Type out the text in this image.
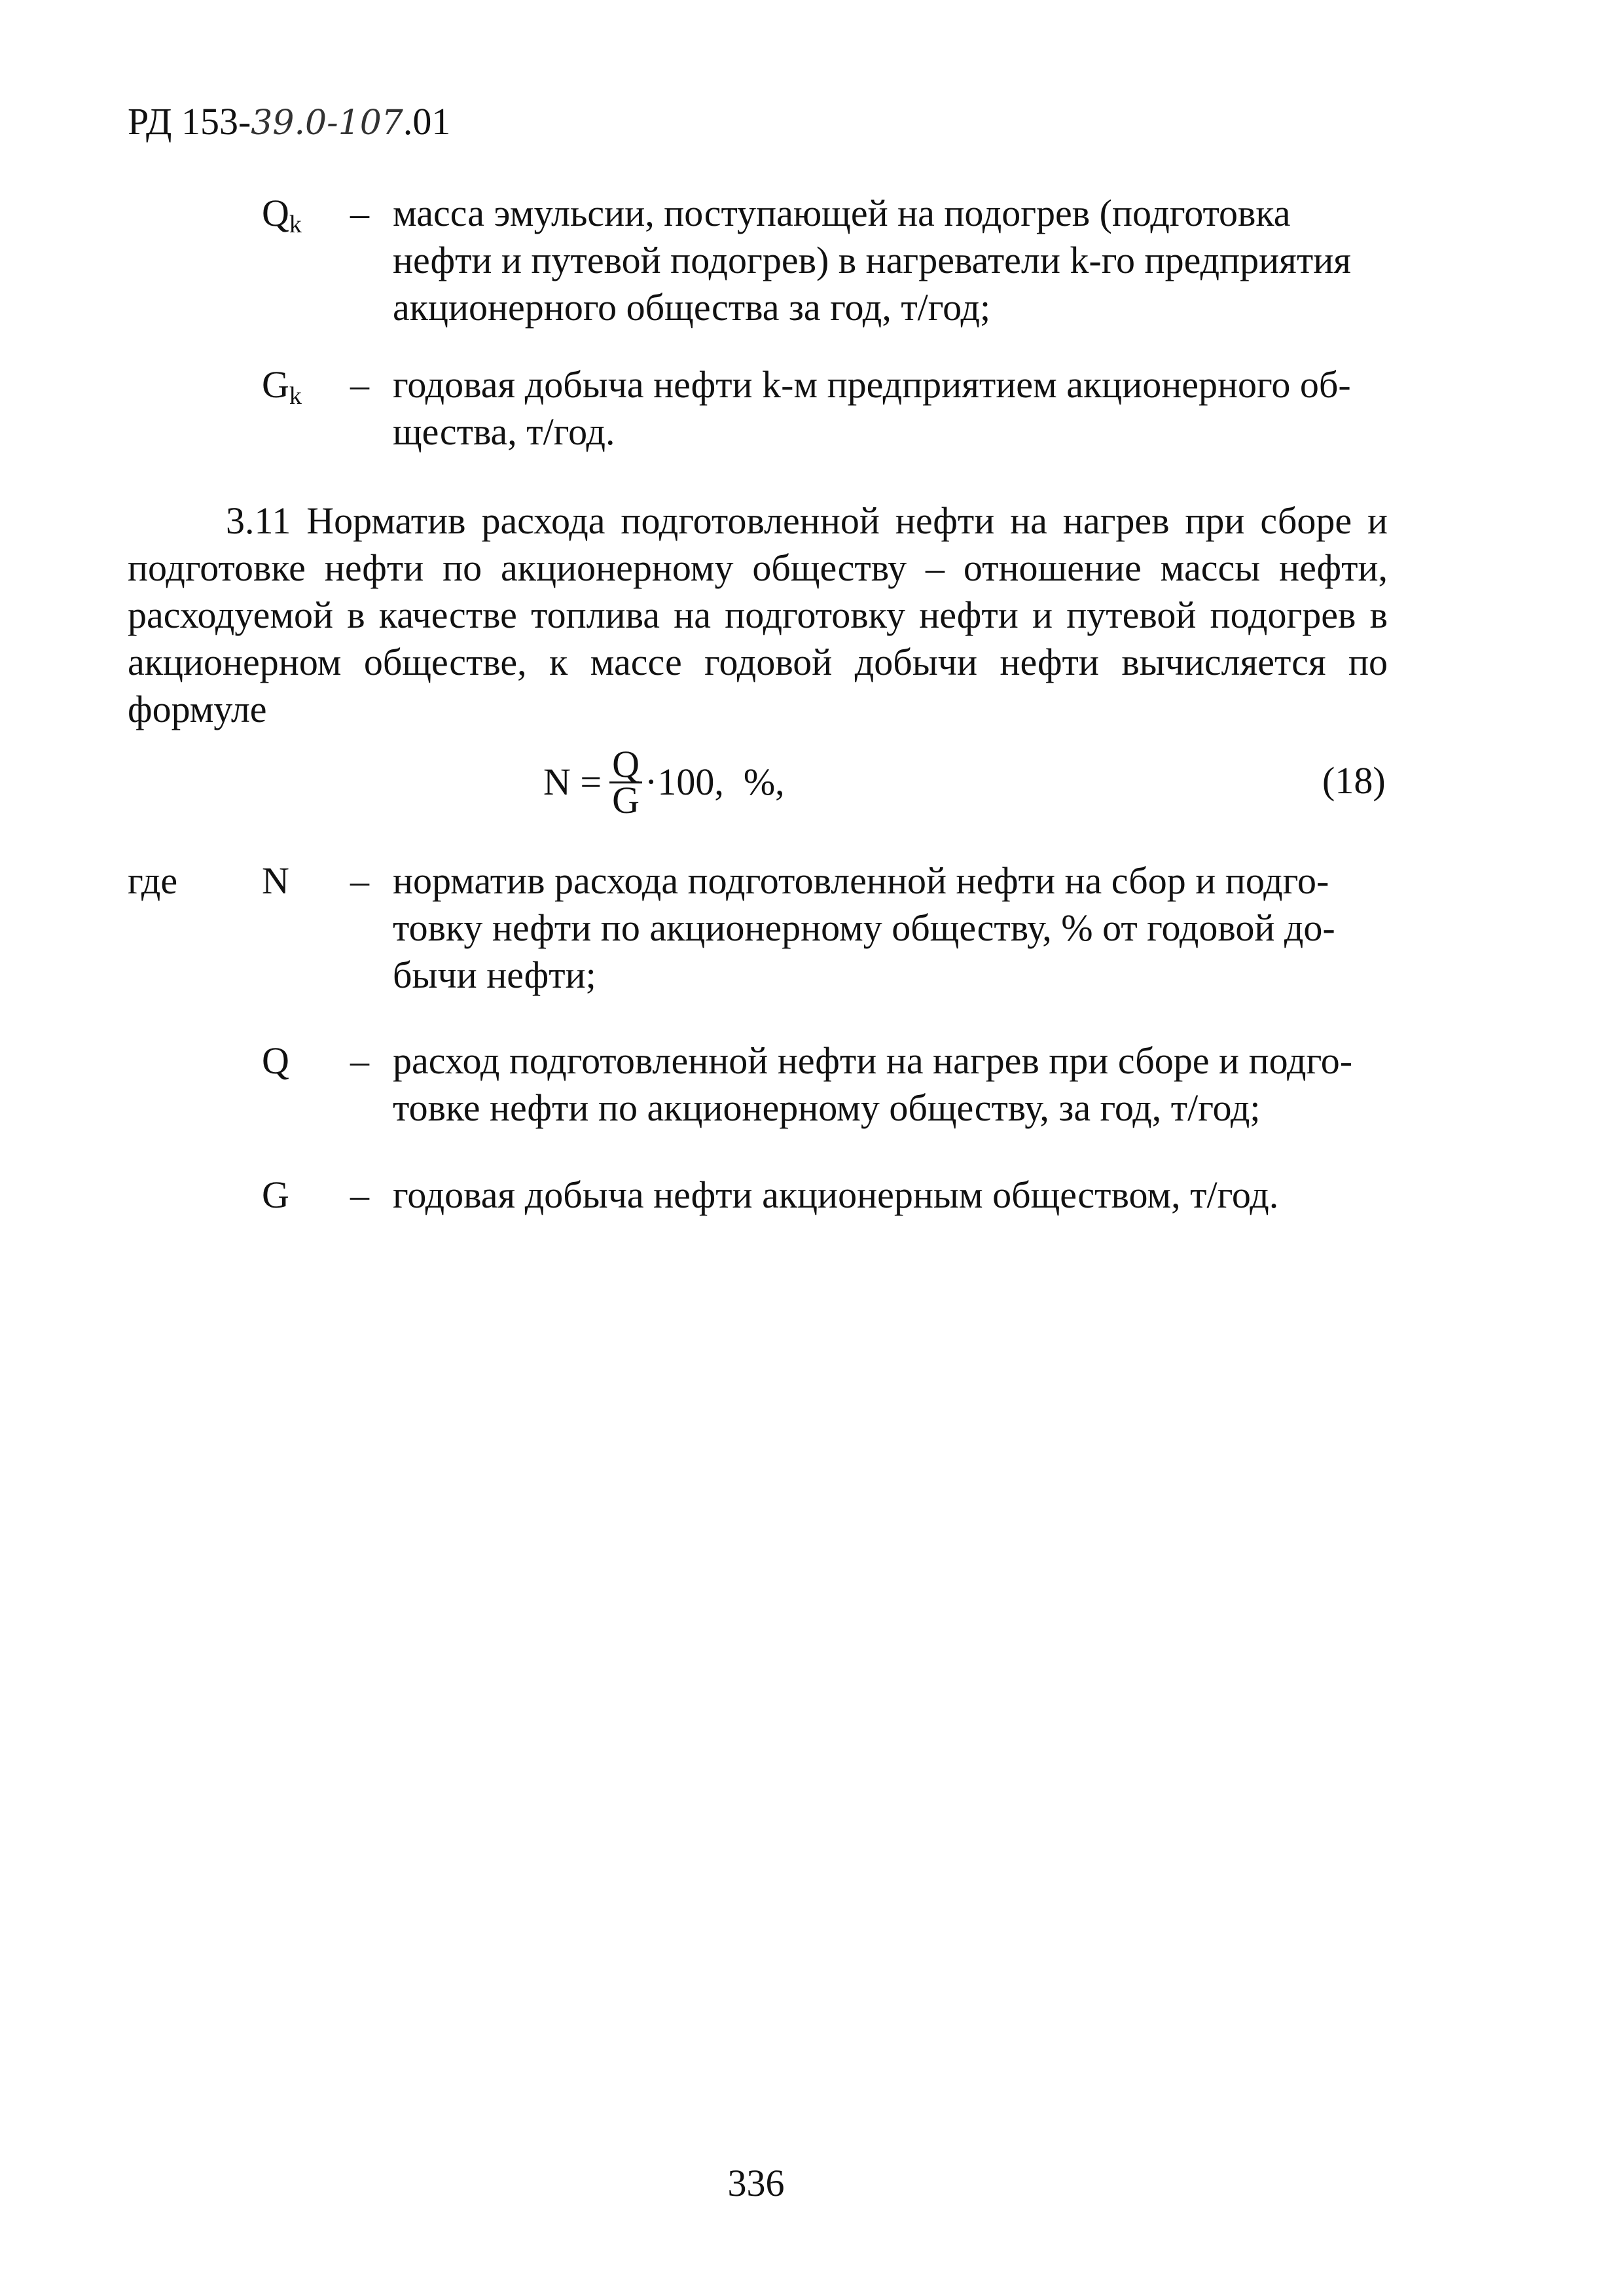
РД 153-39.0-107.01
$Q_k$	– масса эмульсии, поступающей на подогрев (подготовка
нефти и путевой подогрев) в нагреватели k-го предприятия
акционерного общества за год, т/год;
$G_k$	– годовая добыча нефти k-м предприятием акционерного об-
щества, т/год.
3.11 Норматив расхода подготовленной нефти на нагрев при сборе и подготовке нефти по акционерному обществу – отношение массы нефти, расходуемой в качестве топлива на подготовку нефти и путевой подогрев в акционерном обществе, к массе годовой добычи нефти вычисляется по формуле
$N = \frac{Q}{G} \cdot 100$, %,	(18)
где	N	– норматив расхода подготовленной нефти на сбор и подго-
товку нефти по акционерному обществу, % от годовой до-
бычи нефти;
Q	– расход подготовленной нефти на нагрев при сборе и подго-
товке нефти по акционерному обществу, за год, т/год;
G	– годовая добыча нефти акционерным обществом, т/год.
336
